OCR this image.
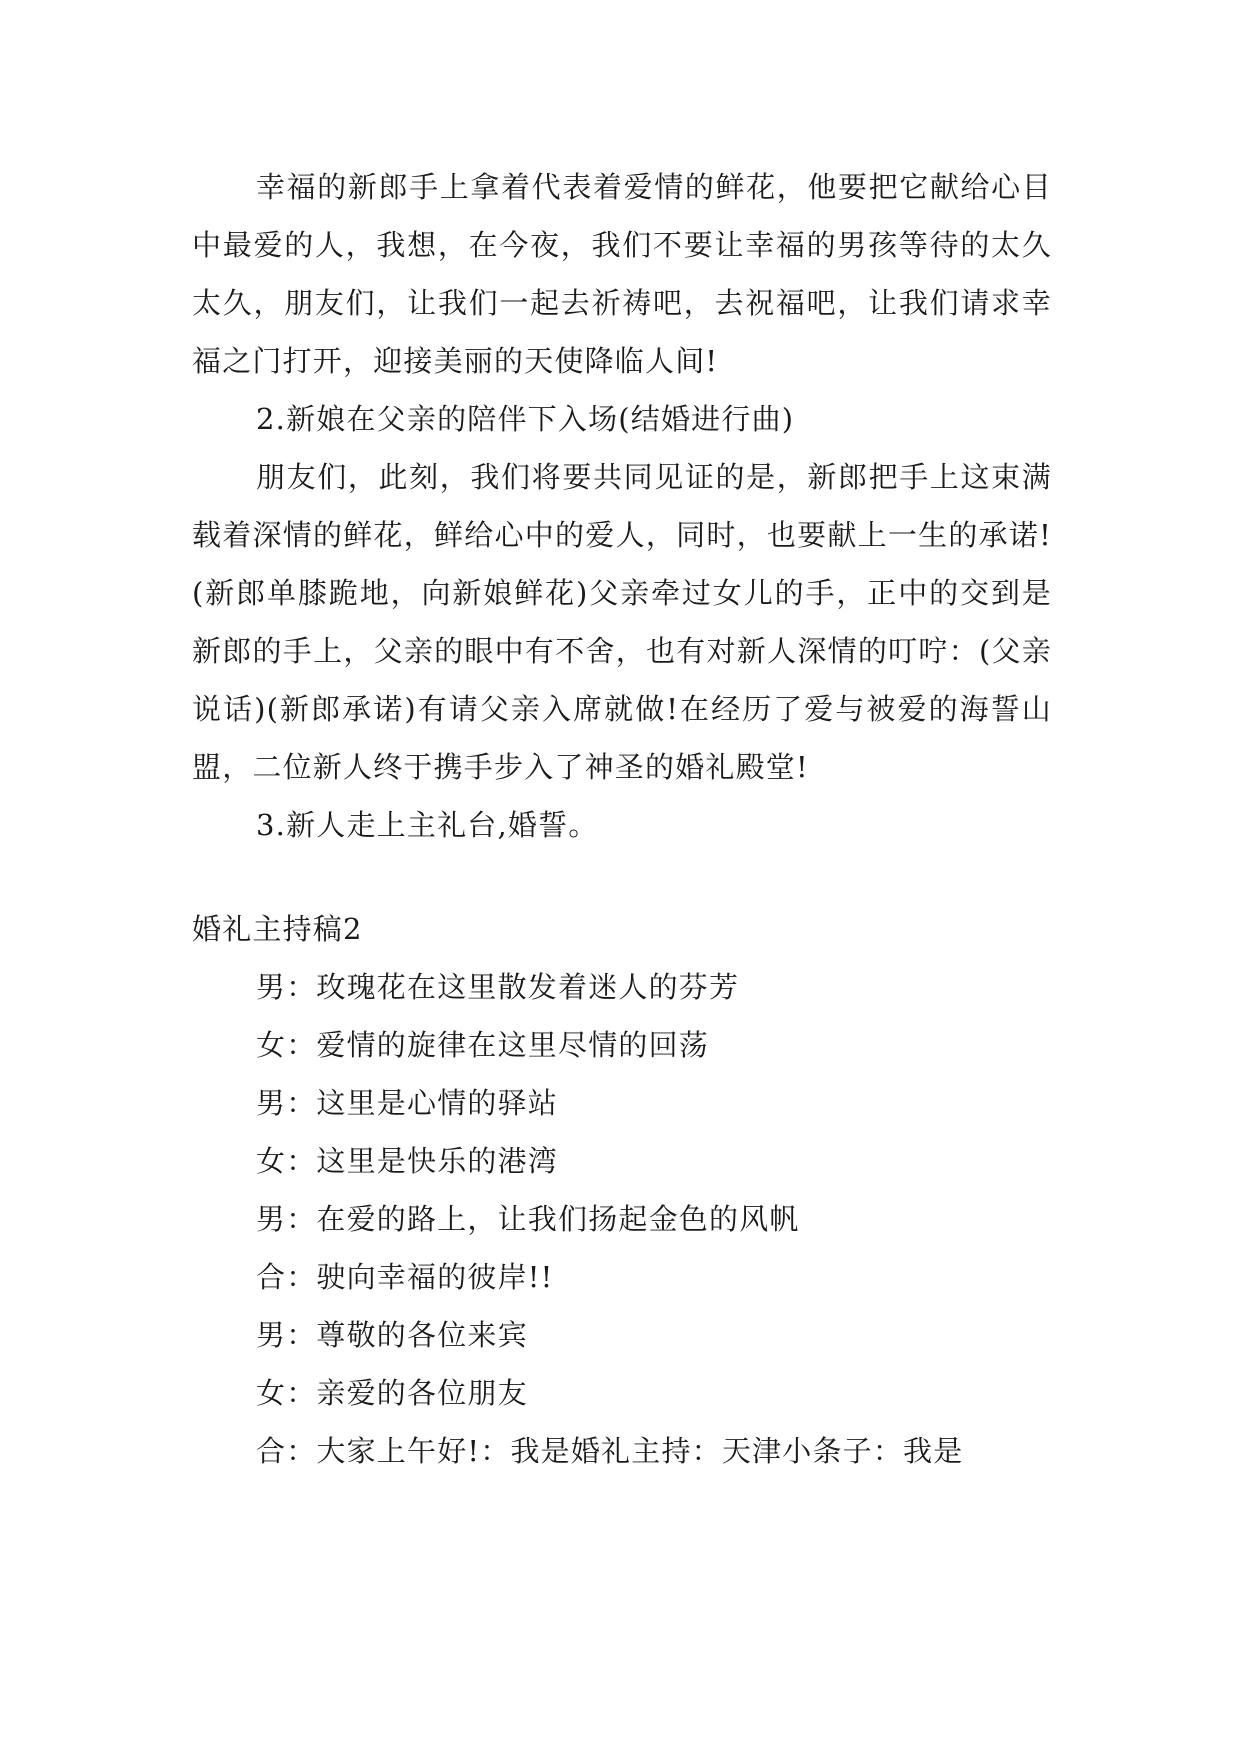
幸福的新郎手上拿着代表着爱情的鲜花，他要把它献给心目中最爱的人，我想，在今夜，我们不要让幸福的男孩等待的太久太久，朋友们，让我们一起去祈祷吧，去祝福吧，让我们请求幸福之门打开，迎接美丽的天使降临人间!

2.新娘在父亲的陪伴下入场(结婚进行曲)

朋友们，此刻，我们将要共同见证的是，新郎把手上这束满载着深情的鲜花，鲜给心中的爱人，同时，也要献上一生的承诺!(新郎单膝跪地，向新娘鲜花)父亲牵过女儿的手，正中的交到是新郎的手上，父亲的眼中有不舍，也有对新人深情的叮咛：(父亲说话)(新郎承诺)有请父亲入席就做!在经历了爱与被爱的海誓山盟，二位新人终于携手步入了神圣的婚礼殿堂!

3.新人走上主礼台,婚誓。

婚礼主持稿2

男：玫瑰花在这里散发着迷人的芬芳

女：爱情的旋律在这里尽情的回荡

男：这里是心情的驿站

女：这里是快乐的港湾

男：在爱的路上，让我们扬起金色的风帆

合：驶向幸福的彼岸!!

男：尊敬的各位来宾

女：亲爱的各位朋友

合：大家上午好!：我是婚礼主持：天津小条子：我是
